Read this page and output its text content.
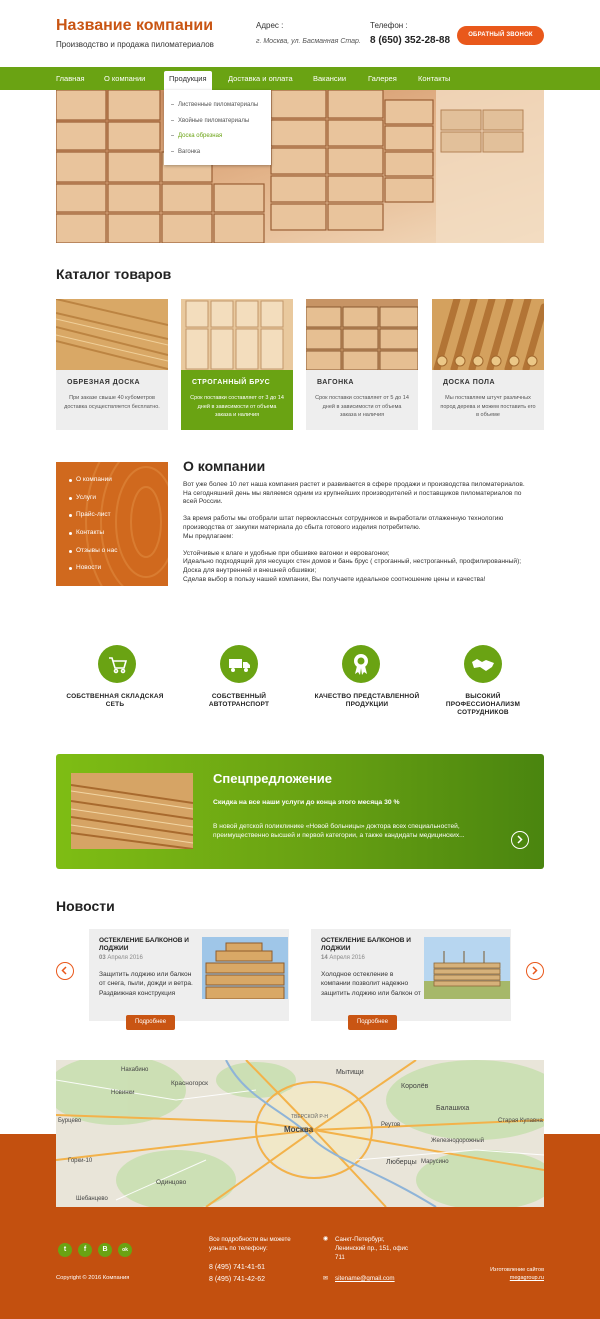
Название компании
Производство и продажа пиломатериалов
Адрес :
г. Москва, ул. Басманная Стар.
Телефон :
8 (650) 352-28-88	ОБРАТНЫЙ ЗВОНОК
Главная	О компании	Продукция	Доставка и оплата	Вакансии	Галерея	Контакты
Лиственные пиломатериалы
Хвойные пиломатериалы
Доска обрезная
Вагонка
Каталог товаров
ОБРЕЗНАЯ ДОСКА
При заказе свыше 40 кубометров доставка осуществляется бесплатно.
СТРОГАННЫЙ БРУС
Срок поставки составляет от 3 до 14 дней в зависимости от объема заказа и наличия
ВАГОНКА
Срок поставки составляет от 5 до 14 дней в зависимости от объема заказа и наличия
ДОСКА ПОЛА
Мы поставляем штучт различных пород дерева и можем поставить его в объеме
О компании
Услуги
Прайс-лист
Контакты
Отзывы о нас
Новости
О компании

Вот уже более 10 лет наша компания растет и развивается в сфере продажи и производства пиломатериалов. На сегодняшний день мы являемся одним из крупнейших производителей и поставщиков пиломатериалов по всей России.

За время работы мы отобрали штат первоклассных сотрудников и выработали отлаженную технологию производства от закупки материала до сбыта готового изделия потребителю.

Мы предлагаем:

Устойчивые к влаге и удобные при обшивке вагонки и евровагонки;

Идеально подходящий для несущих стен домов и бань брус ( строганный, нестроганный, профилированный);

Доска для внутренней и внешней обшивки;

Сделав выбор в пользу нашей компании, Вы получаете идеальное соотношение цены и качества!

СОБСТВЕННАЯ СКЛАДСКАЯ СЕТЬ
СОБСТВЕННЫЙ АВТОТРАНСПОРТ
КАЧЕСТВО ПРЕДСТАВЛЕННОЙ ПРОДУКЦИИ
ВЫСОКИЙ ПРОФЕССИОНАЛИЗМ СОТРУДНИКОВ
Спецпредложение
Скидка на все наши услуги до конца этого месяца 30 %
В новой детской поликлинике «Новой больницы» доктора всех специальностей, преимущественно высшей и первой категории, а также кандидаты медицинских...
Новости
ОСТЕКЛЕНИЕ БАЛКОНОВ И ЛОДЖИИ
03 Апреля 2016
Защитить лоджию или балкон от снега, пыли, дожди и ветра. Раздвижная конструкция
Подробнее
ОСТЕКЛЕНИЕ БАЛКОНОВ И ЛОДЖИИ
14 Апреля 2016
Холодное остекление в компании позволит надежно защитить лоджию или балкон от
Подробнее
Нахабино
Новинки
Красногорск
Мытищи
Королёв
Балашиха
Реутов
Москва
Люберцы
Одинцово
Горки-10
Железнодорожный
Марусино
Старая Купавна
Бурцево
Шебанцево
ТВЕРСКОЙ Р-Н
t	f	B	ok
Copyright © 2016 Компания
Все подробности вы можете узнать по телефону:
8 (495) 741-41-61
8 (495) 741-42-62
◉ Санкт-Петербург, Ленинский пр., 151, офис 711
✉ sitename@gmail.com
Изготовление сайтов
megagroup.ru
